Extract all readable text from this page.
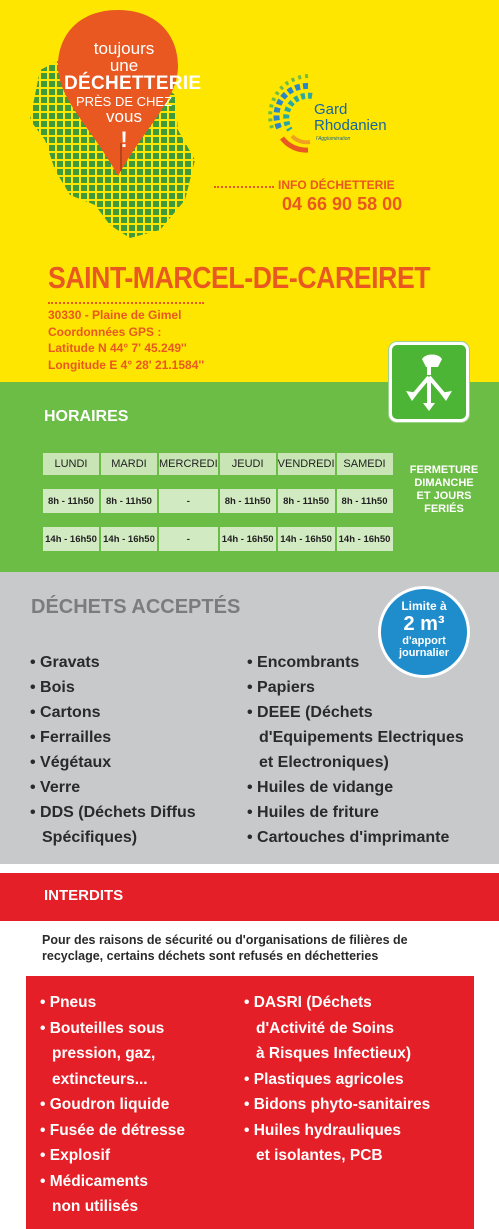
toujours
une
DÉCHETTERIE
PRÈS DE CHEZ
vous
!
Gard
Rhodanien
l'Agglomération
INFO DÉCHETTERIE
04 66 90 58 00
SAINT-MARCEL-DE-CAREIRET
30330 - Plaine de Gimel
Coordonnées GPS :
Latitude N 44° 7' 45.249''
Longitude E 4° 28' 21.1584''
HORAIRES
LUNDI	MARDI	MERCREDI	JEUDI	VENDREDI	SAMEDI

8h - 11h50	8h - 11h50	-	8h - 11h50	8h - 11h50	8h - 11h50

14h - 16h50	14h - 16h50	-	14h - 16h50	14h - 16h50	14h - 16h50
FERMETURE
DIMANCHE
ET JOURS
FERIÉS
DÉCHETS ACCEPTÉS	Limite à
2 m³
d'apport
journalier
• Gravats
• Bois
• Cartons
• Ferrailles
• Végétaux
• Verre
• DDS (Déchets Diffus
Spécifiques)
• Encombrants
• Papiers
• DEEE (Déchets
d'Equipements Electriques
et Electroniques)
• Huiles de vidange
• Huiles de friture
• Cartouches d'imprimante
INTERDITS
Pour des raisons de sécurité ou d'organisations de filières de recyclage, certains déchets sont refusés en déchetteries
• Pneus
• Bouteilles sous
pression, gaz,
extincteurs...
• Goudron liquide
• Fusée de détresse
• Explosif
• Médicaments
non utilisés
• DASRI (Déchets
d'Activité de Soins
à Risques Infectieux)
• Plastiques agricoles
• Bidons phyto-sanitaires
• Huiles hydrauliques
et isolantes, PCB
